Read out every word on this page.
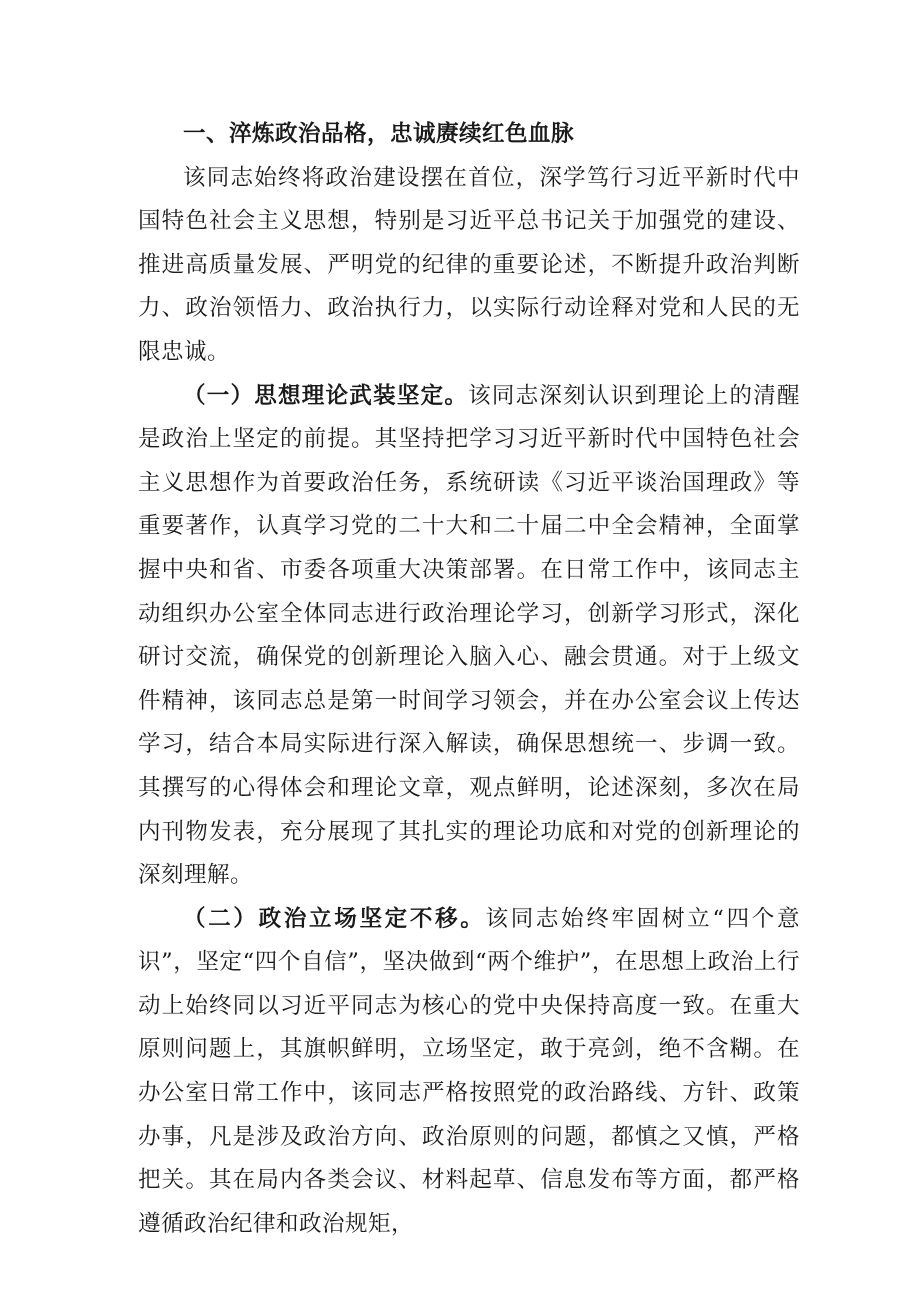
一、淬炼政治品格，忠诚赓续红色血脉

该同志始终将政治建设摆在首位，深学笃行习近平新时代中国特色社会主义思想，特别是习近平总书记关于加强党的建设、推进高质量发展、严明党的纪律的重要论述，不断提升政治判断力、政治领悟力、政治执行力，以实际行动诠释对党和人民的无限忠诚。

（一）思想理论武装坚定。该同志深刻认识到理论上的清醒是政治上坚定的前提。其坚持把学习习近平新时代中国特色社会主义思想作为首要政治任务，系统研读《习近平谈治国理政》等重要著作，认真学习党的二十大和二十届二中全会精神，全面掌握中央和省、市委各项重大决策部署。在日常工作中，该同志主动组织办公室全体同志进行政治理论学习，创新学习形式，深化研讨交流，确保党的创新理论入脑入心、融会贯通。对于上级文件精神，该同志总是第一时间学习领会，并在办公室会议上传达学习，结合本局实际进行深入解读，确保思想统一、步调一致。其撰写的心得体会和理论文章，观点鲜明，论述深刻，多次在局内刊物发表，充分展现了其扎实的理论功底和对党的创新理论的深刻理解。

（二）政治立场坚定不移。该同志始终牢固树立“四个意识”，坚定“四个自信”，坚决做到“两个维护”，在思想上政治上行动上始终同以习近平同志为核心的党中央保持高度一致。在重大原则问题上，其旗帜鲜明，立场坚定，敢于亮剑，绝不含糊。在办公室日常工作中，该同志严格按照党的政治路线、方针、政策办事，凡是涉及政治方向、政治原则的问题，都慎之又慎，严格把关。其在局内各类会议、材料起草、信息发布等方面，都严格遵循政治纪律和政治规矩，
